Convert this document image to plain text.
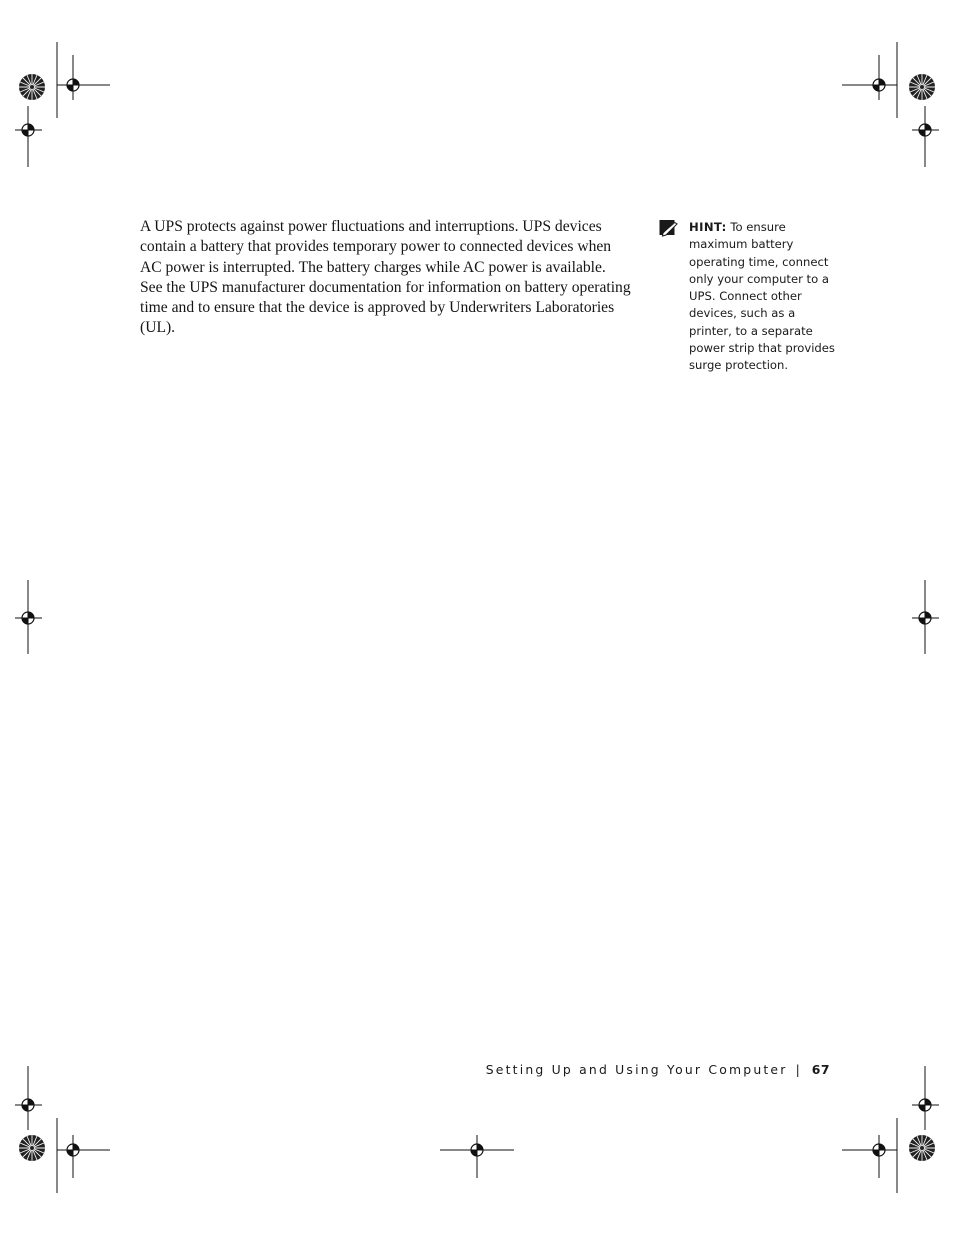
A UPS protects against power fluctuations and interruptions. UPS devices contain a battery that provides temporary power to connected devices when AC power is interrupted. The battery charges while AC power is available. See the UPS manufacturer documentation for information on battery operating time and to ensure that the device is approved by Underwriters Laboratories (UL).

HINT: To ensure maximum battery operating time, connect only your computer to a UPS. Connect other devices, such as a printer, to a separate power strip that provides surge protection.

Setting Up and Using Your Computer | 67
